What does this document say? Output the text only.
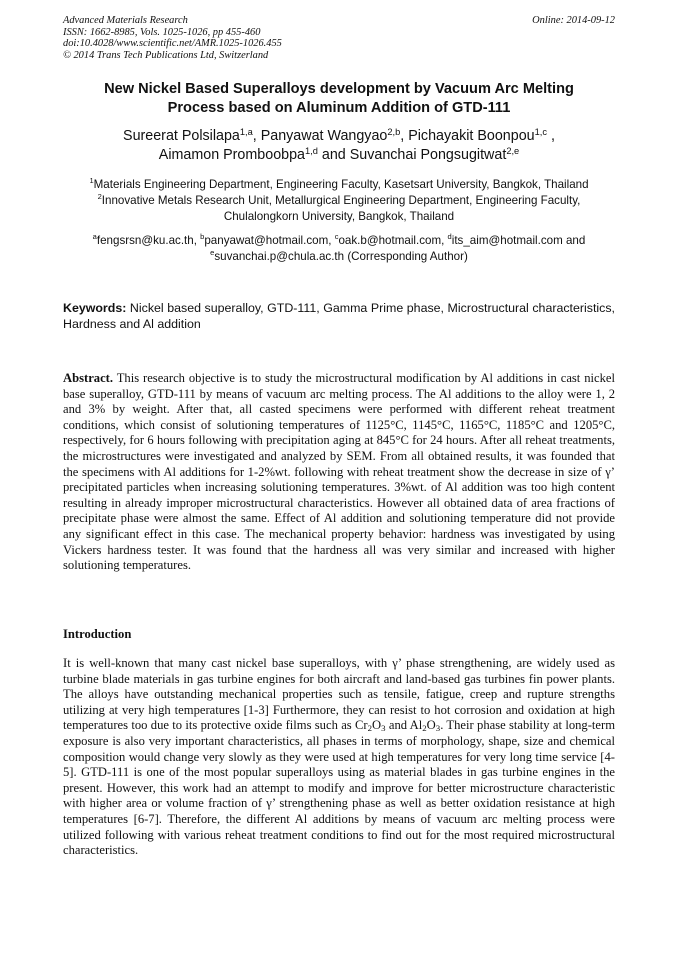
Advanced Materials Research
ISSN: 1662-8985, Vols. 1025-1026, pp 455-460
doi:10.4028/www.scientific.net/AMR.1025-1026.455
© 2014 Trans Tech Publications Ltd, Switzerland
Online: 2014-09-12
New Nickel Based Superalloys development by Vacuum Arc Melting
Process based on Aluminum Addition of GTD-111
Sureerat Polsilapa$^{1,a}$, Panyawat Wangyao$^{2,b}$, Pichayakit Boonpou$^{1,c}$ ,
Aimamon Promboobpa$^{1,d}$ and Suvanchai Pongsugitwat$^{2,e}$
$^1$Materials Engineering Department, Engineering Faculty, Kasetsart University, Bangkok, Thailand
$^2$Innovative Metals Research Unit, Metallurgical Engineering Department, Engineering Faculty,
Chulalongkorn University, Bangkok, Thailand
$^a$fengsrsn@ku.ac.th, $^b$panyawat@hotmail.com, $^c$oak.b@hotmail.com, $^d$its_aim@hotmail.com and
$^e$suvanchai.p@chula.ac.th (Corresponding Author)
Keywords: Nickel based superalloy, GTD-111, Gamma Prime phase, Microstructural characteristics, Hardness and Al addition
Abstract. This research objective is to study the microstructural modification by Al additions in cast nickel base superalloy, GTD-111 by means of vacuum arc melting process. The Al additions to the alloy were 1, 2 and 3% by weight. After that, all casted specimens were performed with different reheat treatment conditions, which consist of solutioning temperatures of 1125°C, 1145°C, 1165°C, 1185°C and 1205°C, respectively, for 6 hours following with precipitation aging at 845°C for 24 hours. After all reheat treatments, the microstructures were investigated and analyzed by SEM. From all obtained results, it was founded that the specimens with Al additions for 1-2%wt. following with reheat treatment show the decrease in size of γ’ precipitated particles when increasing solutioning temperatures. 3%wt. of Al addition was too high content resulting in already improper microstructural characteristics. However all obtained data of area fractions of precipitate phase were almost the same. Effect of Al addition and solutioning temperature did not provide any significant effect in this case. The mechanical property behavior: hardness was investigated by using Vickers hardness tester. It was found that the hardness all was very similar and increased with higher solutioning temperatures.
Introduction
It is well-known that many cast nickel base superalloys, with γ’ phase strengthening, are widely used as turbine blade materials in gas turbine engines for both aircraft and land-based gas turbines fin power plants. The alloys have outstanding mechanical properties such as tensile, fatigue, creep and rupture strengths utilizing at very high temperatures [1-3] Furthermore, they can resist to hot corrosion and oxidation at high temperatures too due to its protective oxide films such as $Cr_2O_3$ and $Al_2O_3$. Their phase stability at long-term exposure is also very important characteristics, all phases in terms of morphology, shape, size and chemical composition would change very slowly as they were used at high temperatures for very long time service [4-5]. GTD-111 is one of the most popular superalloys using as material blades in gas turbine engines in the present. However, this work had an attempt to modify and improve for better microstructure characteristic with higher area or volume fraction of γ’ strengthening phase as well as better oxidation resistance at high temperatures [6-7]. Therefore, the different Al additions by means of vacuum arc melting process were utilized following with various reheat treatment conditions to find out for the most required microstructural characteristics.
